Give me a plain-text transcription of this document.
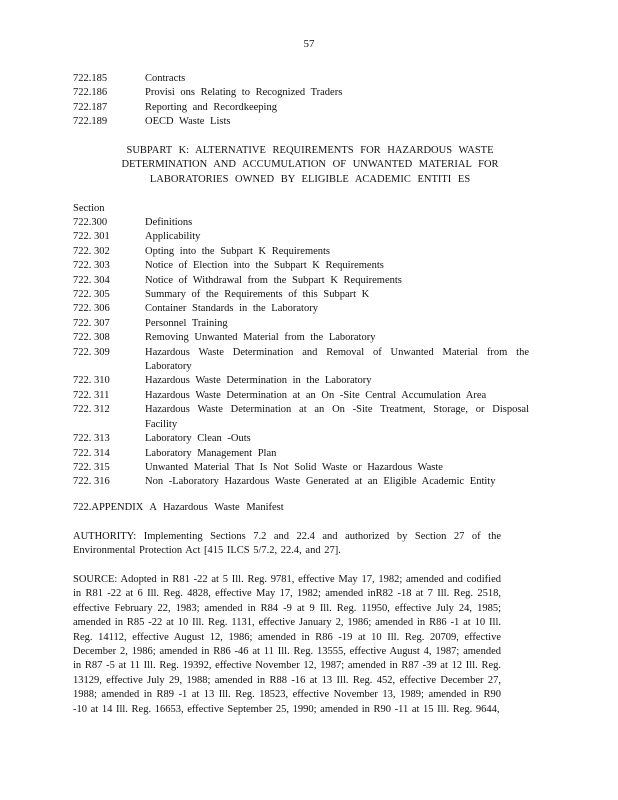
57
722.185	Contracts
722.186	Provisi ons Relating to Recognized Traders
722.187	Reporting and Recordkeeping
722.189	OECD Waste Lists
SUBPART K: ALTERNATIVE REQUIREMENTS FOR HAZARDOUS WASTE DETERMINATION AND ACCUMULATION OF UNWANTED MATERIAL FOR LABORATORIES OWNED BY ELIGIBLE ACADEMIC ENTITI ES
Section
722.300	Definitions
722. 301	Applicability
722. 302	Opting into the Subpart K Requirements
722. 303	Notice of Election into the Subpart K Requirements
722. 304	Notice of Withdrawal from the Subpart K Requirements
722. 305	Summary of the Requirements of this Subpart K
722. 306	Container Standards in the Laboratory
722. 307	Personnel Training
722. 308	Removing Unwanted Material from the Laboratory
722. 309	Hazardous Waste Determination and Removal of Unwanted Material from the Laboratory
722. 310	Hazardous Waste Determination in the Laboratory
722. 311	Hazardous Waste Determination at an On -Site Central Accumulation Area
722. 312	Hazardous Waste Determination at an On -Site Treatment, Storage, or Disposal Facility
722. 313	Laboratory Clean -Outs
722. 314	Laboratory Management Plan
722. 315	Unwanted Material That Is Not Solid Waste or Hazardous Waste
722. 316	Non -Laboratory Hazardous Waste Generated at an Eligible Academic Entity
722.APPENDIX A Hazardous Waste Manifest
AUTHORITY: Implementing Sections 7.2 and 22.4 and authorized by Section 27 of the Environmental Protection Act [415 ILCS 5/7.2, 22.4, and 27].
SOURCE: Adopted in R81 -22 at 5 Ill. Reg. 9781, effective May 17, 1982; amended and codified in R81 -22 at 6 Ill. Reg. 4828, effective May 17, 1982; amended inR82 -18 at 7 Ill. Reg. 2518, effective February 22, 1983; amended in R84 -9 at 9 Ill. Reg. 11950, effective July 24, 1985; amended in R85 -22 at 10 Ill. Reg. 1131, effective January 2, 1986; amended in R86 -1 at 10 Ill. Reg. 14112, effective August 12, 1986; amended in R86 -19 at 10 Ill. Reg. 20709, effective December 2, 1986; amended in R86 -46 at 11 Ill. Reg. 13555, effective August 4, 1987; amended in R87 -5 at 11 Ill. Reg. 19392, effective November 12, 1987; amended in R87 -39 at 12 Ill. Reg. 13129, effective July 29, 1988; amended in R88 -16 at 13 Ill. Reg. 452, effective December 27, 1988; amended in R89 -1 at 13 Ill. Reg. 18523, effective November 13, 1989; amended in R90 -10 at 14 Ill. Reg. 16653, effective September 25, 1990; amended in R90 -11 at 15 Ill. Reg. 9644,
